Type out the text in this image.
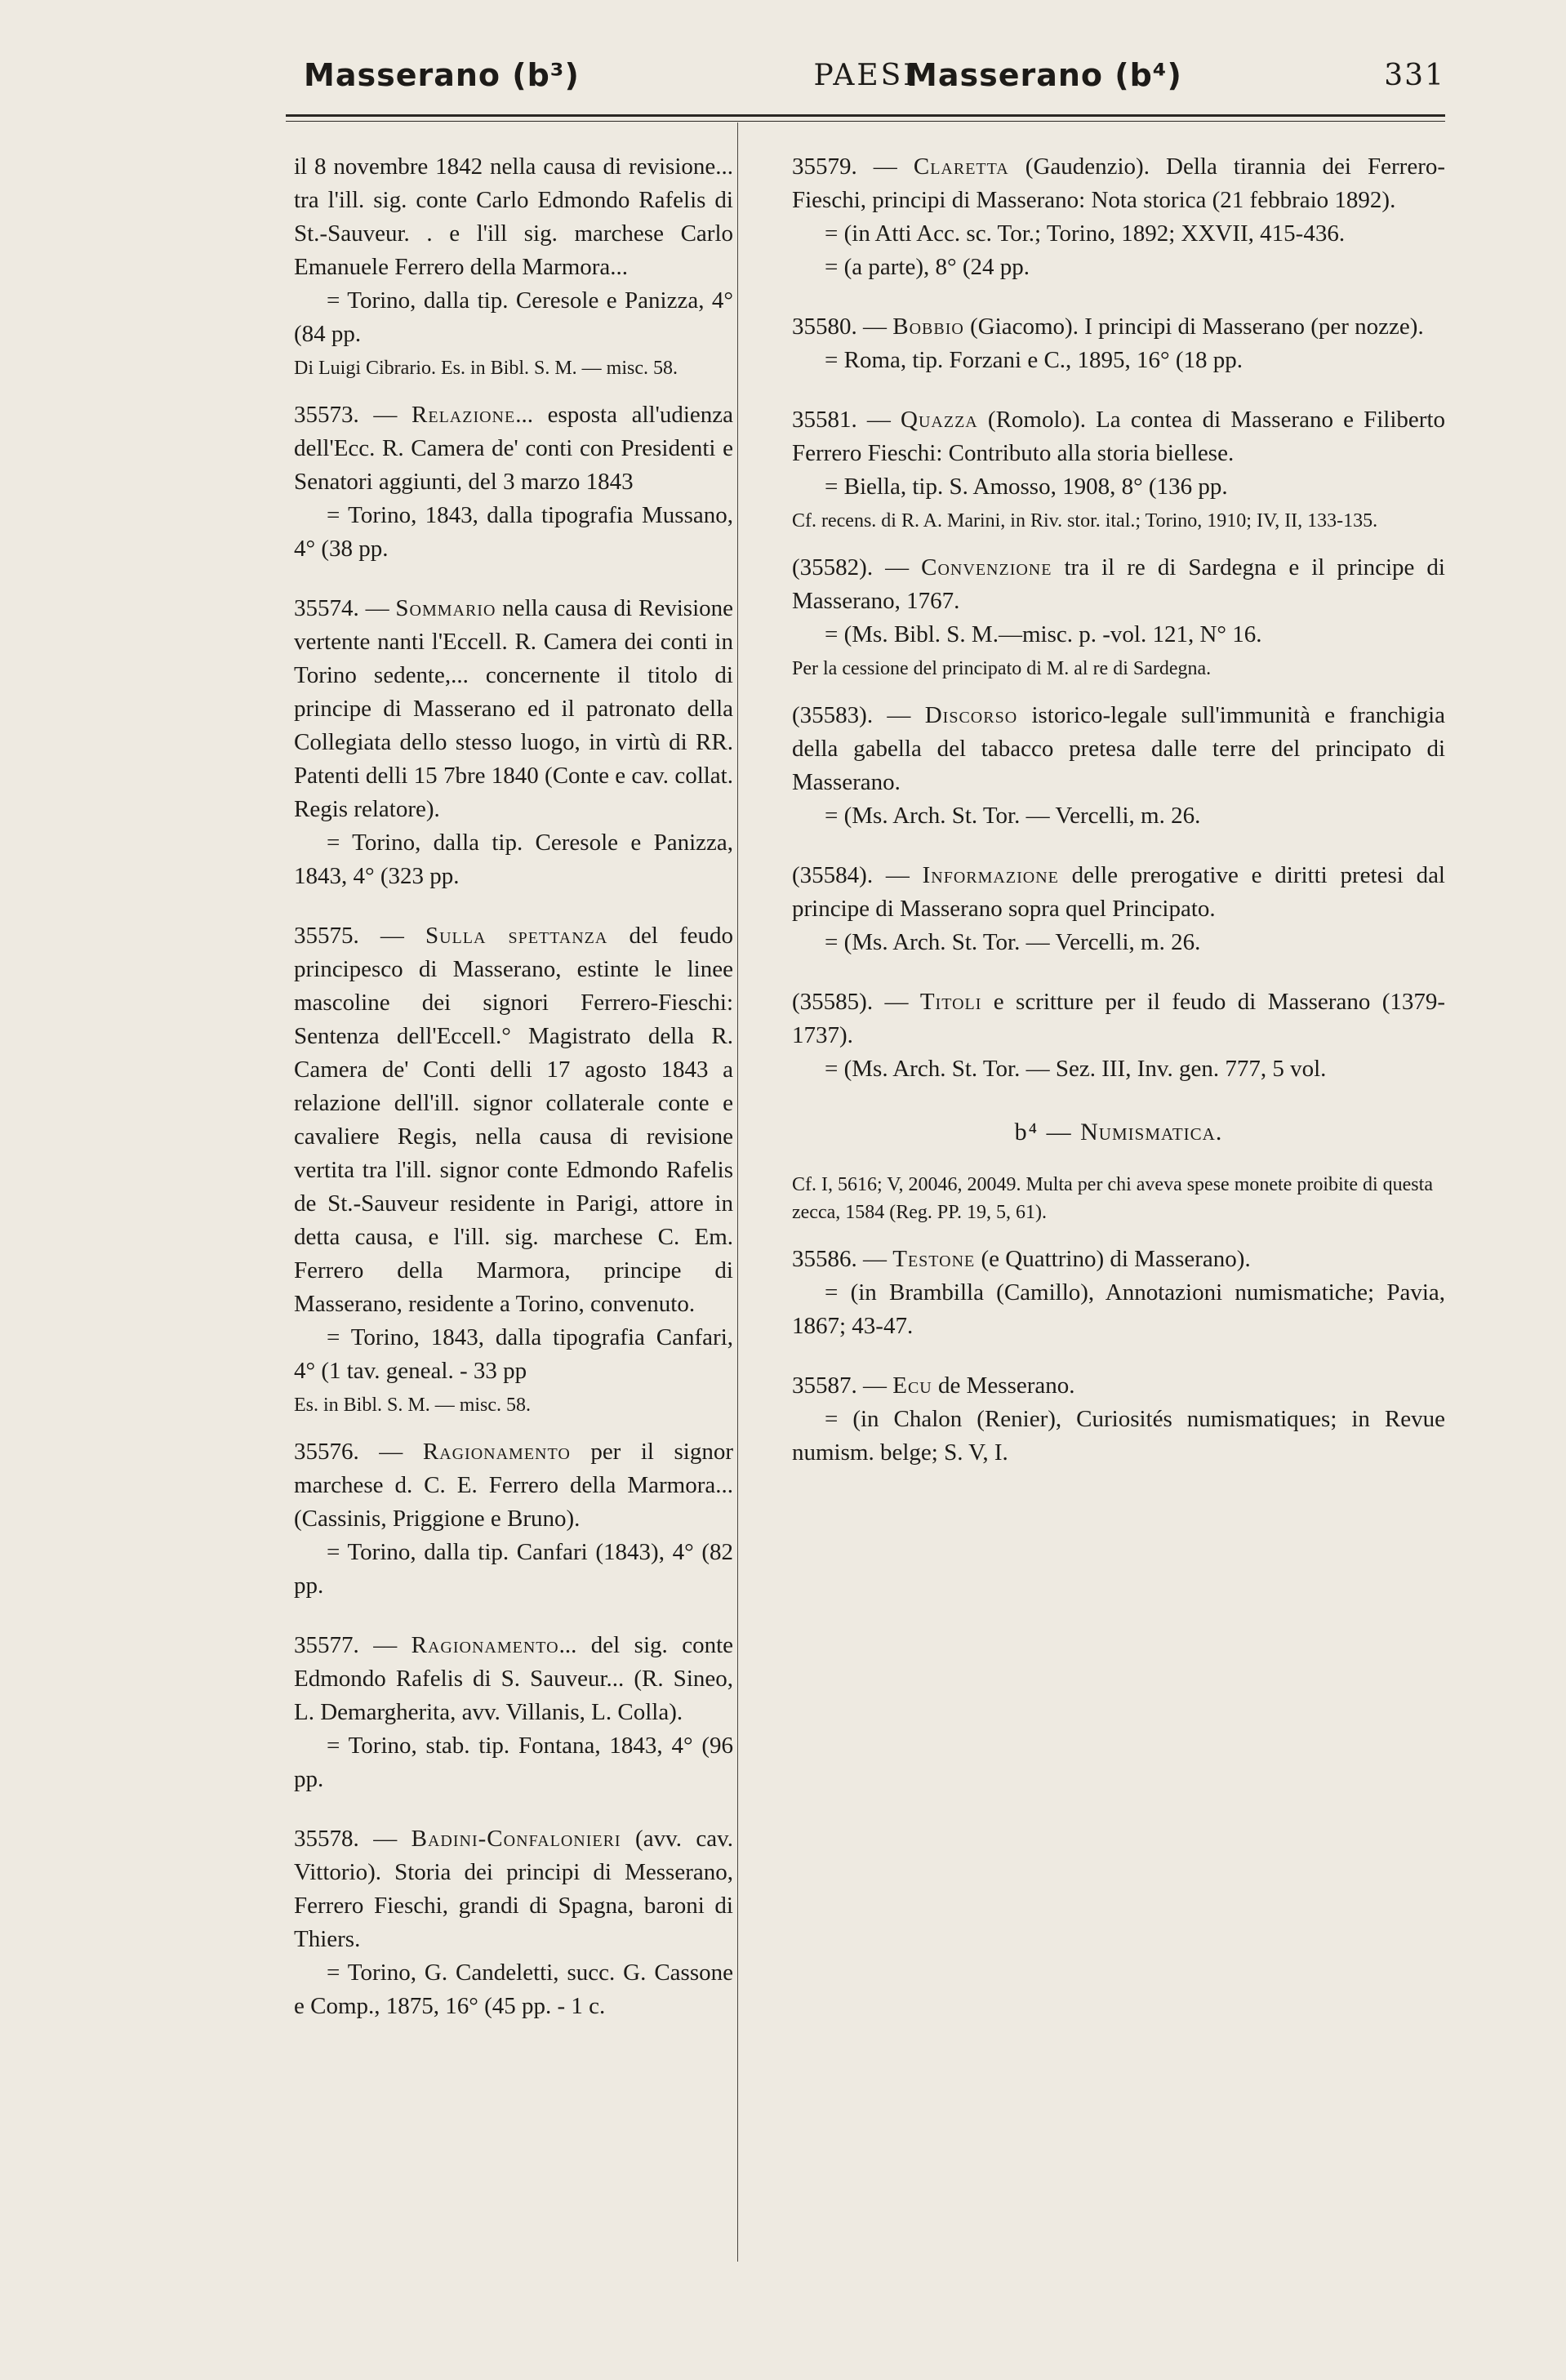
Masserano (b³)	PAESI
Masserano (b⁴)	331
il 8 novembre 1842 nella causa di revisione... tra l'ill. sig. conte Carlo Edmondo Rafelis di St.-Sauveur. . e l'ill sig. marchese Carlo Emanuele Ferrero della Marmora...
= Torino, dalla tip. Ceresole e Panizza, 4° (84 pp.
Di Luigi Cibrario. Es. in Bibl. S. M. — misc. 58.
35573. — Relazione... esposta all'udienza dell'Ecc. R. Camera de' conti con Presidenti e Senatori aggiunti, del 3 marzo 1843
= Torino, 1843, dalla tipografia Mussano, 4° (38 pp.
35574. — Sommario nella causa di Revisione vertente nanti l'Eccell. R. Camera dei conti in Torino sedente,... concernente il titolo di principe di Masserano ed il patronato della Collegiata dello stesso luogo, in virtù di RR. Patenti delli 15 7bre 1840 (Conte e cav. collat. Regis relatore).
= Torino, dalla tip. Ceresole e Panizza, 1843, 4° (323 pp.
35575. — Sulla spettanza del feudo principesco di Masserano, estinte le linee mascoline dei signori Ferrero-Fieschi: Sentenza dell'Eccell.° Magistrato della R. Camera de' Conti delli 17 agosto 1843 a relazione dell'ill. signor collaterale conte e cavaliere Regis, nella causa di revisione vertita tra l'ill. signor conte Edmondo Rafelis de St.-Sauveur residente in Parigi, attore in detta causa, e l'ill. sig. marchese C. Em. Ferrero della Marmora, principe di Masserano, residente a Torino, convenuto.
= Torino, 1843, dalla tipografia Canfari, 4° (1 tav. geneal. - 33 pp
Es. in Bibl. S. M. — misc. 58.
35576. — Ragionamento per il signor marchese d. C. E. Ferrero della Marmora... (Cassinis, Priggione e Bruno).
= Torino, dalla tip. Canfari (1843), 4° (82 pp.
35577. — Ragionamento... del sig. conte Edmondo Rafelis di S. Sauveur... (R. Sineo, L. Demargherita, avv. Villanis, L. Colla).
= Torino, stab. tip. Fontana, 1843, 4° (96 pp.
35578. — Badini-Confalonieri (avv. cav. Vittorio). Storia dei principi di Messerano, Ferrero Fieschi, grandi di Spagna, baroni di Thiers.
= Torino, G. Candeletti, succ. G. Cassone e Comp., 1875, 16° (45 pp. - 1 c.
35579. — Claretta (Gaudenzio). Della tirannia dei Ferrero-Fieschi, principi di Masserano: Nota storica (21 febbraio 1892).
= (in Atti Acc. sc. Tor.; Torino, 1892; XXVII, 415-436.
= (a parte), 8° (24 pp.
35580. — Bobbio (Giacomo). I principi di Masserano (per nozze).
= Roma, tip. Forzani e C., 1895, 16° (18 pp.
35581. — Quazza (Romolo). La contea di Masserano e Filiberto Ferrero Fieschi: Contributo alla storia biellese.
= Biella, tip. S. Amosso, 1908, 8° (136 pp.
Cf. recens. di R. A. Marini, in Riv. stor. ital.; Torino, 1910; IV, II, 133-135.
(35582). — Convenzione tra il re di Sardegna e il principe di Masserano, 1767.
= (Ms. Bibl. S. M.—misc. p. -vol. 121, N° 16.
Per la cessione del principato di M. al re di Sardegna.
(35583). — Discorso istorico-legale sull'immunità e franchigia della gabella del tabacco pretesa dalle terre del principato di Masserano.
= (Ms. Arch. St. Tor. — Vercelli, m. 26.
(35584). — Informazione delle prerogative e diritti pretesi dal principe di Masserano sopra quel Principato.
= (Ms. Arch. St. Tor. — Vercelli, m. 26.
(35585). — Titoli e scritture per il feudo di Masserano (1379-1737).
= (Ms. Arch. St. Tor. — Sez. III, Inv. gen. 777, 5 vol.
b⁴ — Numismatica.
Cf. I, 5616; V, 20046, 20049. Multa per chi aveva spese monete proibite di questa zecca, 1584 (Reg. PP. 19, 5, 61).
35586. — Testone (e Quattrino) di Masserano).
= (in Brambilla (Camillo), Annotazioni numismatiche; Pavia, 1867; 43-47.
35587. — Ecu de Messerano.
= (in Chalon (Renier), Curiosités numismatiques; in Revue numism. belge; S. V, I.
